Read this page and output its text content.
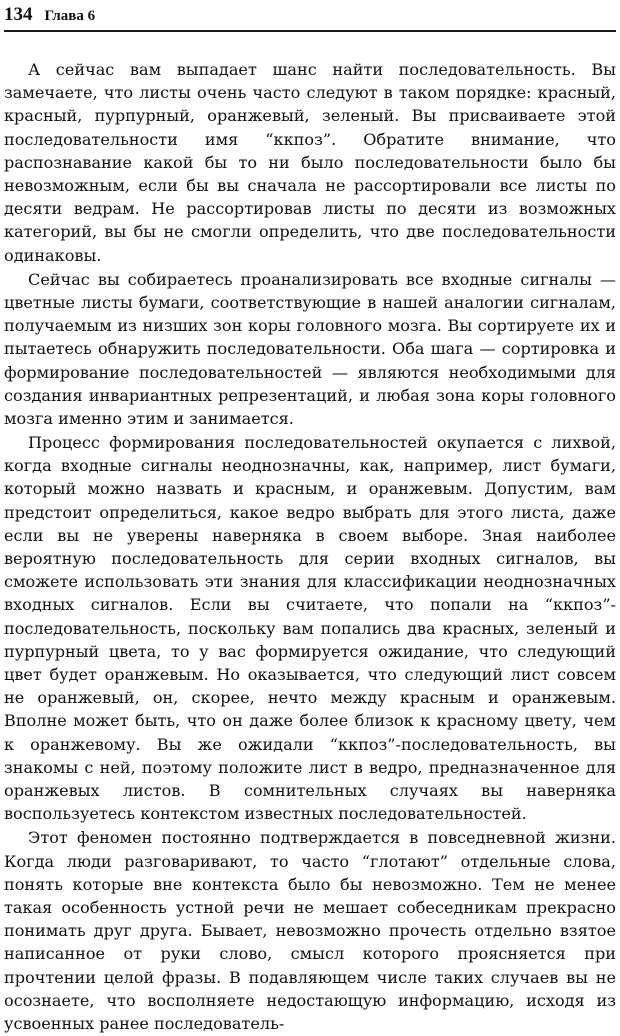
134 Глава 6

А сейчас вам выпадает шанс найти последовательность. Вы замечаете, что листы очень часто следуют в таком порядке: красный, красный, пурпурный, оранжевый, зеленый. Вы присваиваете этой последовательности имя “ккпоз”. Обратите внимание, что распознавание какой бы то ни было последовательности было бы невозможным, если бы вы сначала не рассортировали все листы по десяти ведрам. Не рассортировав листы по десяти из возможных категорий, вы бы не смогли определить, что две последовательности одинаковы.

Сейчас вы собираетесь проанализировать все входные сигналы — цветные листы бумаги, соответствующие в нашей аналогии сигналам, получаемым из низших зон коры головного мозга. Вы сортируете их и пытаетесь обнаружить последовательности. Оба шага — сортировка и формирование последовательностей — являются необходимыми для создания инвариантных репрезентаций, и любая зона коры головного мозга именно этим и занимается.

Процесс формирования последовательностей окупается с лихвой, когда входные сигналы неоднозначны, как, например, лист бумаги, который можно назвать и красным, и оранжевым. Допустим, вам предстоит определиться, какое ведро выбрать для этого листа, даже если вы не уверены наверняка в своем выборе. Зная наиболее вероятную последовательность для серии входных сигналов, вы сможете использовать эти знания для классификации неоднозначных входных сигналов. Если вы считаете, что попали на “ккпоз”-последовательность, поскольку вам попались два красных, зеленый и пурпурный цвета, то у вас формируется ожидание, что следующий цвет будет оранжевым. Но оказывается, что следующий лист совсем не оранжевый, он, скорее, нечто между красным и оранжевым. Вполне может быть, что он даже более близок к красному цвету, чем к оранжевому. Вы же ожидали “ккпоз”-последовательность, вы знакомы с ней, поэтому положите лист в ведро, предназначенное для оранжевых листов. В сомнительных случаях вы наверняка воспользуетесь контекстом известных последовательностей.

Этот феномен постоянно подтверждается в повседневной жизни. Когда люди разговаривают, то часто “глотают” отдельные слова, понять которые вне контекста было бы невозможно. Тем не менее такая особенность устной речи не мешает собеседникам прекрасно понимать друг друга. Бывает, невозможно прочесть отдельно взятое написанное от руки слово, смысл которого проясняется при прочтении целой фразы. В подавляющем числе таких случаев вы не осознаете, что восполняете недостающую информацию, исходя из усвоенных ранее последователь-
